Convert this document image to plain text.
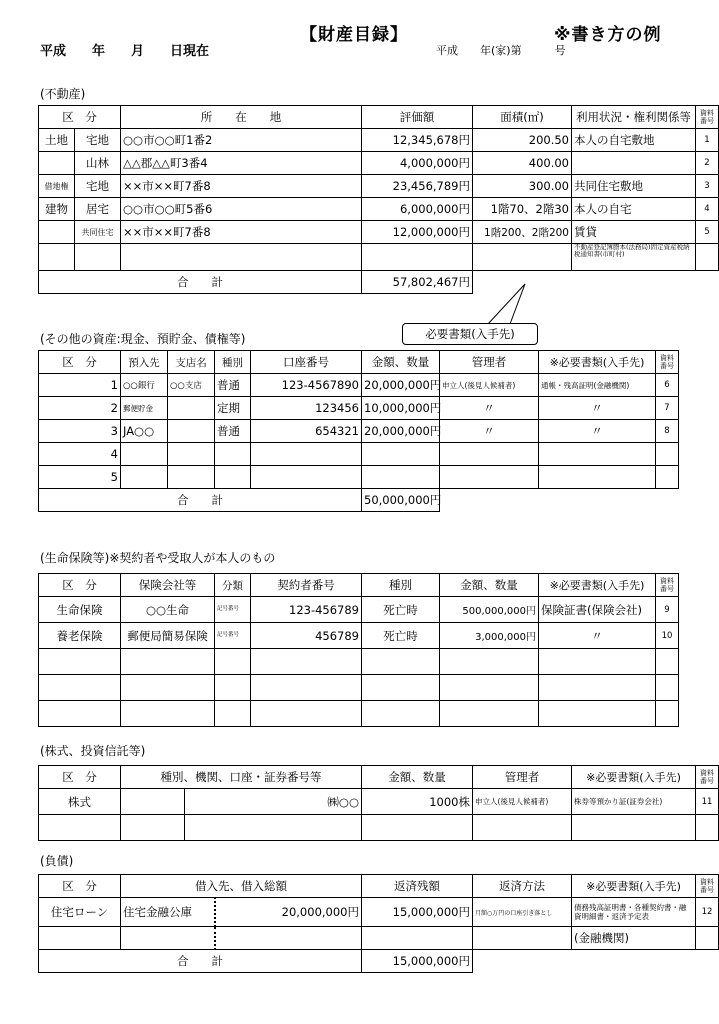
【財産目録】	※書き方の例
平成　　年　　月　　日現在	平成　　年(家)第　　　号
(不動産)
区　分		所　　在　　地	評価額	面積(㎡)	利用状況・権利関係等	資料番号
土地	宅地	○○市○○町1番2	12,345,678円	200.50	本人の自宅敷地	1
	山林	△△郡△△町3番4	4,000,000円	400.00		2
借地権	宅地	××市××町7番8	23,456,789円	300.00	共同住宅敷地	3
建物	居宅	○○市○○町5番6	6,000,000円	1階70、2階30	本人の自宅	4
	共同住宅	××市××町7番8	12,000,000円	1階200、2階200	賃貸	5
					不動産登記簿謄本(法務局)固定資産税納税通知書(市町村)	
合　　計			57,802,467円			
必要書類(入手先)
(その他の資産:現金、預貯金、債権等)
区　分	預入先	支店名	種別	口座番号	金額、数量	管理者	※必要書類(入手先)	資料番号
1	○○銀行	○○支店	普通	123-4567890	20,000,000円	申立人(後見人候補者)	通帳・残高証明(金融機関)	6
2	郵便貯金		定期	123456	10,000,000円	〃	〃	7
3	JA○○		普通	654321	20,000,000円	〃	〃	8
4								
5								
合　　計					50,000,000円			
(生命保険等)※契約者や受取人が本人のもの
区　分	保険会社等	分類	契約者番号	種別	金額、数量	※必要書類(入手先)	資料番号
生命保険	○○生命	記号番号	123-456789	死亡時	500,000,000円	保険証書(保険会社)	9
養老保険	郵便局簡易保険	記号番号	456789	死亡時	3,000,000円	〃	10

(株式、投資信託等)
区　分	種別、機関、口座・証券番号等		金額、数量	管理者	※必要書類(入手先)	資料番号
株式		㈱○○	1000株	申立人(後見人候補者)	株券等預かり証(証券会社)	11

(負債)
区　分	借入先、借入総額		返済残額	返済方法	※必要書類(入手先)	資料番号
住宅ローン	住宅金融公庫	20,000,000円	15,000,000円	月額○万円の口座引き落とし	債務残高証明書・各種契約書・融資明細書・返済予定表	12
					(金融機関)	
合　　計			15,000,000円			
